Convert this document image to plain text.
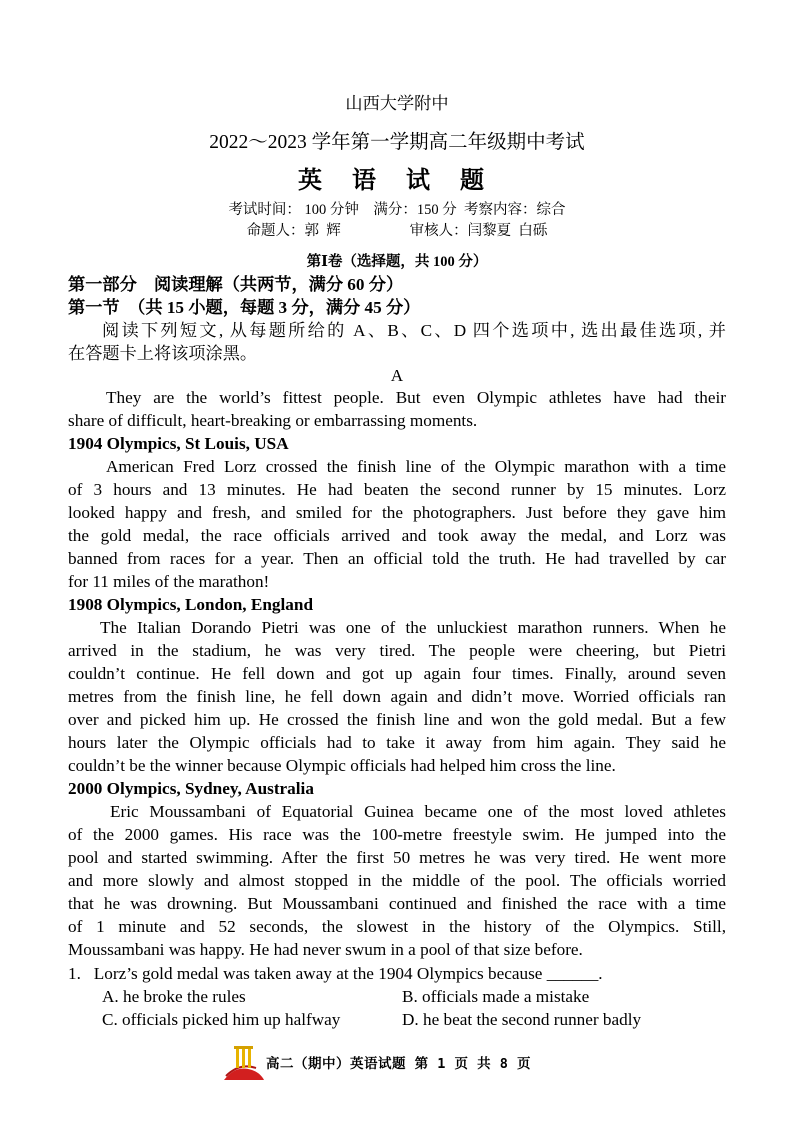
山西大学附中
2022～2023 学年第一学期高二年级期中考试
英 语 试 题
考试时间： 100 分钟    满分：150 分  考察内容：综合
命题人：郭  辉                   审核人：闫黎夏  白砾
第Ⅰ卷（选择题，共 100 分）
第一部分    阅读理解（共两节，满分 60 分）
第一节  （共 15 小题，每题 3 分，满分 45 分）
阅读下列短文, 从每题所给的 A、B、C、D 四个选项中, 选出最佳选项, 并
在答题卡上将该项涂黑。
A
They are the world’s fittest people. But even Olympic athletes have had their
share of difficult, heart-breaking or embarrassing moments.
1904 Olympics, St Louis, USA
American Fred Lorz crossed the finish line of the Olympic marathon with a time
of 3 hours and 13 minutes. He had beaten the second runner by 15 minutes. Lorz
looked happy and fresh, and smiled for the photographers. Just before they gave him
the gold medal, the race officials arrived and took away the medal, and Lorz was
banned from races for a year. Then an official told the truth. He had travelled by car
for 11 miles of the marathon!
1908 Olympics, London, England
The Italian Dorando Pietri was one of the unluckiest marathon runners. When he
arrived in the stadium, he was very tired. The people were cheering, but Pietri
couldn’t continue. He fell down and got up again four times. Finally, around seven
metres from the finish line, he fell down again and didn’t move. Worried officials ran
over and picked him up. He crossed the finish line and won the gold medal. But a few
hours later the Olympic officials had to take it away from him again. They said he
couldn’t be the winner because Olympic officials had helped him cross the line.
2000 Olympics, Sydney, Australia
Eric Moussambani of Equatorial Guinea became one of the most loved athletes
of the 2000 games. His race was the 100-metre freestyle swim. He jumped into the
pool and started swimming. After the first 50 metres he was very tired. He went more
and more slowly and almost stopped in the middle of the pool. The officials worried
that he was drowning. But Moussambani continued and finished the race with a time
of 1 minute and 52 seconds, the slowest in the history of the Olympics. Still,
Moussambani was happy. He had never swum in a pool of that size before.
1.   Lorz’s gold medal was taken away at the 1904 Olympics because ______.
A. he broke the rules	B. officials made a mistake
C. officials picked him up halfway	D. he beat the second runner badly
高二（期中）英语试题 第 1 页 共 8 页
